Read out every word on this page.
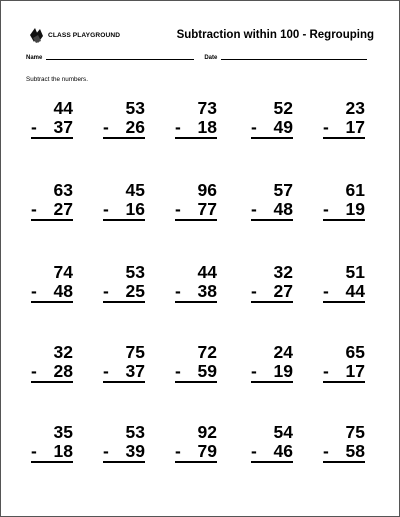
CLASS PLAYGROUND	Subtraction within 100 - Regrouping
Name	Date
Subtract the numbers.
44
- 37
53
- 26
73
- 18
52
- 49
23
- 17
63
- 27
45
- 16
96
- 77
57
- 48
61
- 19
74
- 48
53
- 25
44
- 38
32
- 27
51
- 44
32
- 28
75
- 37
72
- 59
24
- 19
65
- 17
35
- 18
53
- 39
92
- 79
54
- 46
75
- 58
